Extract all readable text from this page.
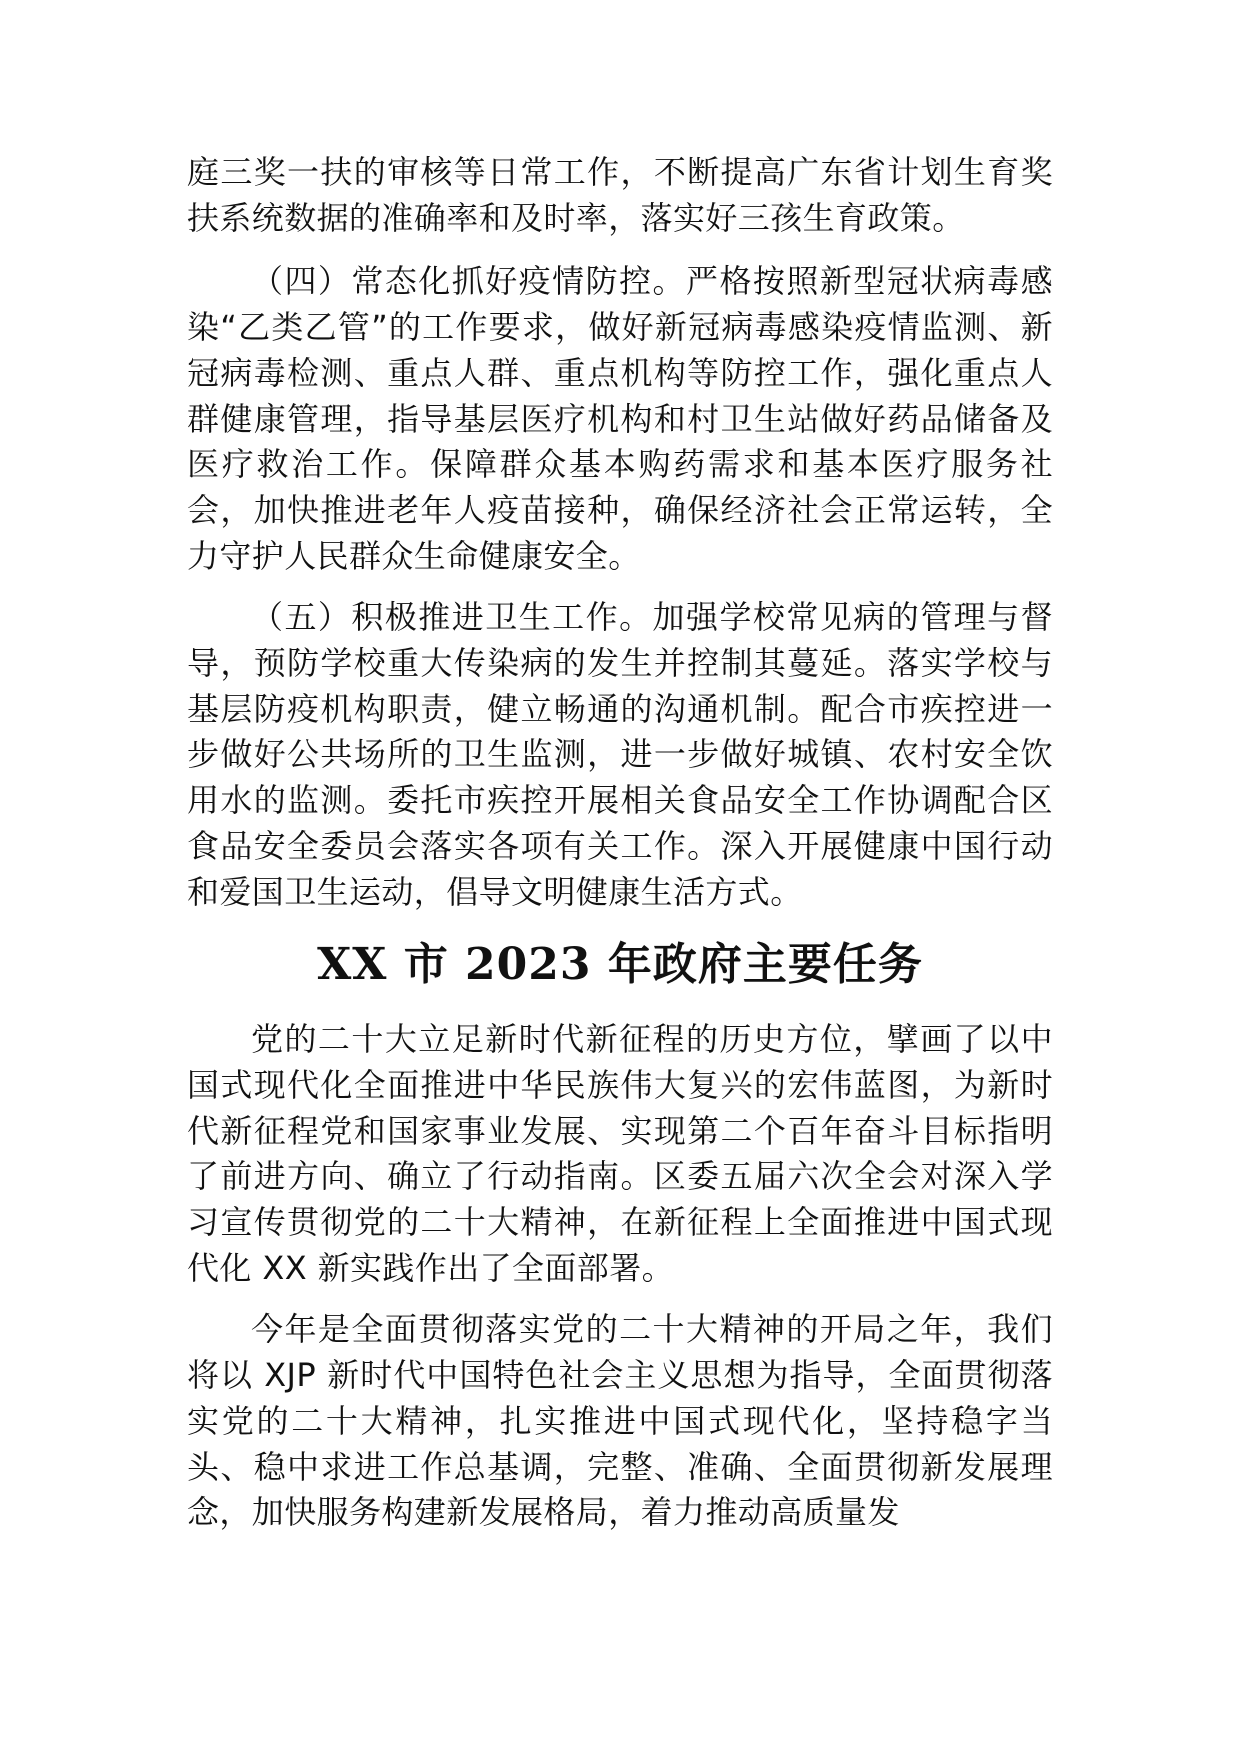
庭三奖一扶的审核等日常工作，不断提高广东省计划生育奖扶系统数据的准确率和及时率，落实好三孩生育政策。

（四）常态化抓好疫情防控。严格按照新型冠状病毒感染“乙类乙管”的工作要求，做好新冠病毒感染疫情监测、新冠病毒检测、重点人群、重点机构等防控工作，强化重点人群健康管理，指导基层医疗机构和村卫生站做好药品储备及医疗救治工作。保障群众基本购药需求和基本医疗服务社会，加快推进老年人疫苗接种，确保经济社会正常运转，全力守护人民群众生命健康安全。

（五）积极推进卫生工作。加强学校常见病的管理与督导，预防学校重大传染病的发生并控制其蔓延。落实学校与基层防疫机构职责，健立畅通的沟通机制。配合市疾控进一步做好公共场所的卫生监测，进一步做好城镇、农村安全饮用水的监测。委托市疾控开展相关食品安全工作协调配合区食品安全委员会落实各项有关工作。深入开展健康中国行动和爱国卫生运动，倡导文明健康生活方式。

XX 市 2023 年政府主要任务

党的二十大立足新时代新征程的历史方位，擘画了以中国式现代化全面推进中华民族伟大复兴的宏伟蓝图，为新时代新征程党和国家事业发展、实现第二个百年奋斗目标指明了前进方向、确立了行动指南。区委五届六次全会对深入学习宣传贯彻党的二十大精神，在新征程上全面推进中国式现代化 XX 新实践作出了全面部署。

今年是全面贯彻落实党的二十大精神的开局之年，我们将以 XJP 新时代中国特色社会主义思想为指导，全面贯彻落实党的二十大精神，扎实推进中国式现代化，坚持稳字当头、稳中求进工作总基调，完整、准确、全面贯彻新发展理念，加快服务构建新发展格局，着力推动高质量发
